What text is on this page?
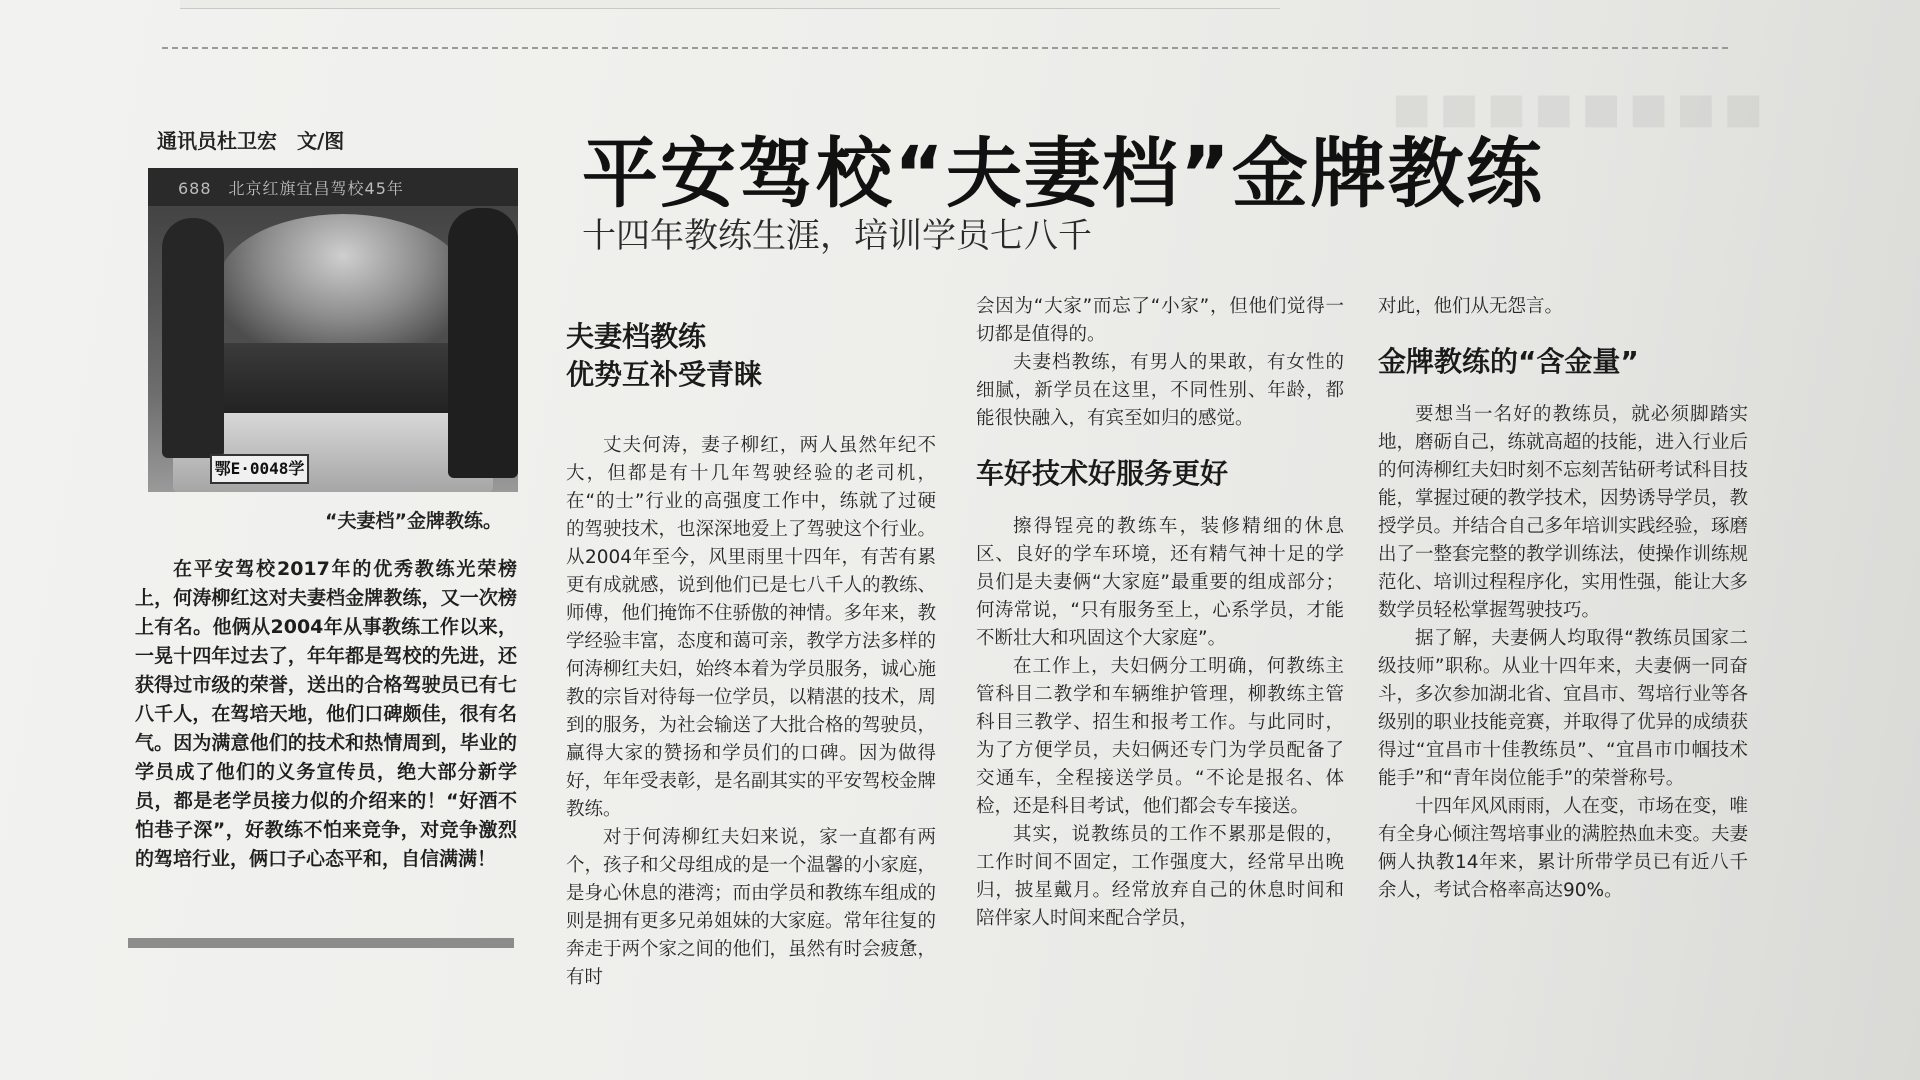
▪▪▪▪▪▪▪▪
通讯员杜卫宏　文/图
688　北京红旗宜昌驾校45年
鄂E·0048学
“夫妻档”金牌教练。

在平安驾校2017年的优秀教练光荣榜上，何涛柳红这对夫妻档金牌教练，又一次榜上有名。他俩从2004年从事教练工作以来，一晃十四年过去了，年年都是驾校的先进，还获得过市级的荣誉，送出的合格驾驶员已有七八千人，在驾培天地，他们口碑颇佳，很有名气。因为满意他们的技术和热情周到，毕业的学员成了他们的义务宣传员，绝大部分新学员，都是老学员接力似的介绍来的！“好酒不怕巷子深”，好教练不怕来竞争，对竞争激烈的驾培行业，俩口子心态平和，自信满满！

平安驾校“夫妻档”金牌教练
十四年教练生涯，培训学员七八千
夫妻档教练
优势互补受青睐

丈夫何涛，妻子柳红，两人虽然年纪不大，但都是有十几年驾驶经验的老司机，在“的士”行业的高强度工作中，练就了过硬的驾驶技术，也深深地爱上了驾驶这个行业。从2004年至今，风里雨里十四年，有苦有累更有成就感，说到他们已是七八千人的教练、师傅，他们掩饰不住骄傲的神情。多年来，教学经验丰富，态度和蔼可亲，教学方法多样的何涛柳红夫妇，始终本着为学员服务，诚心施教的宗旨对待每一位学员，以精湛的技术，周到的服务，为社会输送了大批合格的驾驶员，赢得大家的赞扬和学员们的口碑。因为做得好，年年受表彰，是名副其实的平安驾校金牌教练。

对于何涛柳红夫妇来说，家一直都有两个，孩子和父母组成的是一个温馨的小家庭，是身心休息的港湾；而由学员和教练车组成的则是拥有更多兄弟姐妹的大家庭。常年往复的奔走于两个家之间的他们，虽然有时会疲惫，有时

会因为“大家”而忘了“小家”，但他们觉得一切都是值得的。

夫妻档教练，有男人的果敢，有女性的细腻，新学员在这里，不同性别、年龄，都能很快融入，有宾至如归的感觉。

车好技术好服务更好

擦得锃亮的教练车，装修精细的休息区、良好的学车环境，还有精气神十足的学员们是夫妻俩“大家庭”最重要的组成部分；何涛常说，“只有服务至上，心系学员，才能不断壮大和巩固这个大家庭”。

在工作上，夫妇俩分工明确，何教练主管科目二教学和车辆维护管理，柳教练主管科目三教学、招生和报考工作。与此同时，为了方便学员，夫妇俩还专门为学员配备了交通车，全程接送学员。“不论是报名、体检，还是科目考试，他们都会专车接送。

其实，说教练员的工作不累那是假的，工作时间不固定，工作强度大，经常早出晚归，披星戴月。经常放弃自己的休息时间和陪伴家人时间来配合学员，

对此，他们从无怨言。

金牌教练的“含金量”

要想当一名好的教练员，就必须脚踏实地，磨砺自己，练就高超的技能，进入行业后的何涛柳红夫妇时刻不忘刻苦钻研考试科目技能，掌握过硬的教学技术，因势诱导学员，教授学员。并结合自己多年培训实践经验，琢磨出了一整套完整的教学训练法，使操作训练规范化、培训过程程序化，实用性强，能让大多数学员轻松掌握驾驶技巧。

据了解，夫妻俩人均取得“教练员国家二级技师”职称。从业十四年来，夫妻俩一同奋斗，多次参加湖北省、宜昌市、驾培行业等各级别的职业技能竞赛，并取得了优异的成绩获得过“宜昌市十佳教练员”、“宜昌市巾帼技术能手”和“青年岗位能手”的荣誉称号。

十四年风风雨雨，人在变，市场在变，唯有全身心倾注驾培事业的满腔热血未变。夫妻俩人执教14年来，累计所带学员已有近八千余人，考试合格率高达90%。
